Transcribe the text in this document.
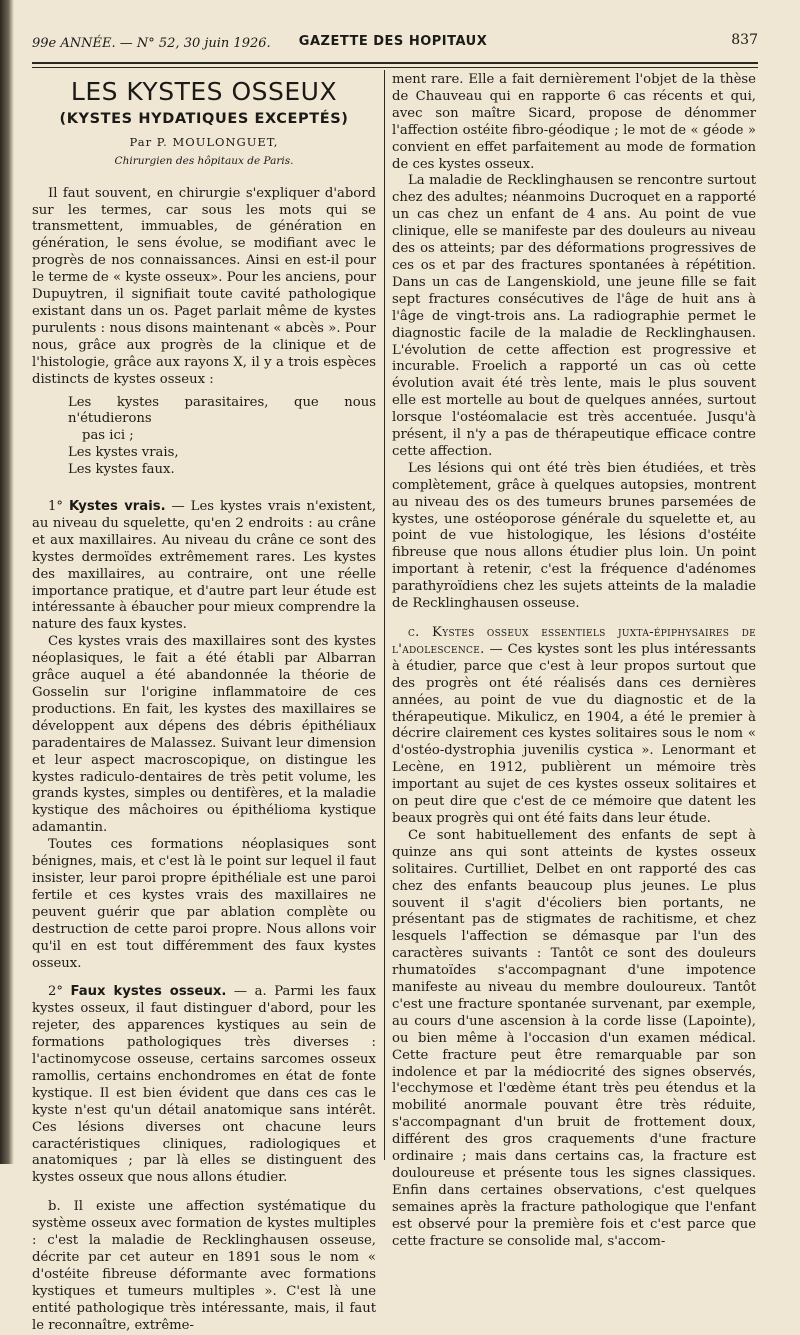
99e ANNÉE. — N° 52, 30 juin 1926.	GAZETTE DES HOPITAUX	837
LES KYSTES OSSEUX
(KYSTES HYDATIQUES EXCEPTÉS)
Par P. MOULONGUET,
Chirurgien des hôpitaux de Paris.

Il faut souvent, en chirurgie s'expliquer d'abord sur les termes, car sous les mots qui se transmettent, immuables, de génération en génération, le sens évolue, se modifiant avec le progrès de nos connaissances. Ainsi en est-il pour le terme de « kyste osseux». Pour les anciens, pour Dupuytren, il signifiait toute cavité pathologique existant dans un os. Paget parlait même de kystes purulents : nous disons maintenant « abcès ». Pour nous, grâce aux progrès de la clinique et de l'histologie, grâce aux rayons X, il y a trois espèces distincts de kystes osseux :

Les kystes parasitaires, que nous n'étudierons
pas ici ;
Les kystes vrais,
Les kystes faux.

1° Kystes vrais. — Les kystes vrais n'existent, au niveau du squelette, qu'en 2 endroits : au crâne et aux maxillaires. Au niveau du crâne ce sont des kystes dermoïdes extrêmement rares. Les kystes des maxillaires, au contraire, ont une réelle importance pratique, et d'autre part leur étude est intéressante à ébaucher pour mieux comprendre la nature des faux kystes.

Ces kystes vrais des maxillaires sont des kystes néoplasiques, le fait a été établi par Albarran grâce auquel a été abandonnée la théorie de Gosselin sur l'origine inflammatoire de ces productions. En fait, les kystes des maxillaires se développent aux dépens des débris épithéliaux paradentaires de Malassez. Suivant leur dimension et leur aspect macroscopique, on distingue les kystes radiculo-dentaires de très petit volume, les grands kystes, simples ou dentifères, et la maladie kystique des mâchoires ou épithélioma kystique adamantin.

Toutes ces formations néoplasiques sont bénignes, mais, et c'est là le point sur lequel il faut insister, leur paroi propre épithéliale est une paroi fertile et ces kystes vrais des maxillaires ne peuvent guérir que par ablation complète ou destruction de cette paroi propre. Nous allons voir qu'il en est tout différemment des faux kystes osseux.

2° Faux kystes osseux. — a. Parmi les faux kystes osseux, il faut distinguer d'abord, pour les rejeter, des apparences kystiques au sein de formations pathologiques très diverses : l'actinomycose osseuse, certains sarcomes osseux ramollis, certains enchondromes en état de fonte kystique. Il est bien évident que dans ces cas le kyste n'est qu'un détail anatomique sans intérêt. Ces lésions diverses ont chacune leurs caractéristiques cliniques, radiologiques et anatomiques ; par là elles se distinguent des kystes osseux que nous allons étudier.

b. Il existe une affection systématique du système osseux avec formation de kystes multiples : c'est la maladie de Recklinghausen osseuse, décrite par cet auteur en 1891 sous le nom « d'ostéite fibreuse déformante avec formations kystiques et tumeurs multiples ». C'est là une entité pathologique très intéressante, mais, il faut le reconnaître, extrême-

ment rare. Elle a fait dernièrement l'objet de la thèse de Chauveau qui en rapporte 6 cas récents et qui, avec son maître Sicard, propose de dénommer l'affection ostéite fibro-géodique ; le mot de « géode » convient en effet parfaitement au mode de formation de ces kystes osseux.

La maladie de Recklinghausen se rencontre surtout chez des adultes; néanmoins Ducroquet en a rapporté un cas chez un enfant de 4 ans. Au point de vue clinique, elle se manifeste par des douleurs au niveau des os atteints; par des déformations progressives de ces os et par des fractures spontanées à répétition. Dans un cas de Langenskiold, une jeune fille se fait sept fractures consécutives de l'âge de huit ans à l'âge de vingt-trois ans. La radiographie permet le diagnostic facile de la maladie de Recklinghausen. L'évolution de cette affection est progressive et incurable. Froelich a rapporté un cas où cette évolution avait été très lente, mais le plus souvent elle est mortelle au bout de quelques années, surtout lorsque l'ostéomalacie est très accentuée. Jusqu'à présent, il n'y a pas de thérapeutique efficace contre cette affection.

Les lésions qui ont été très bien étudiées, et très complètement, grâce à quelques autopsies, montrent au niveau des os des tumeurs brunes parsemées de kystes, une ostéoporose générale du squelette et, au point de vue histologique, les lésions d'ostéite fibreuse que nous allons étudier plus loin. Un point important à retenir, c'est la fréquence d'adénomes parathyroïdiens chez les sujets atteints de la maladie de Recklinghausen osseuse.

c. Kystes osseux essentiels juxta-épiphysaires de l'adolescence. — Ces kystes sont les plus intéressants à étudier, parce que c'est à leur propos surtout que des progrès ont été réalisés dans ces dernières années, au point de vue du diagnostic et de la thérapeutique. Mikulicz, en 1904, a été le premier à décrire clairement ces kystes solitaires sous le nom « d'ostéo-dystrophia juvenilis cystica ». Lenormant et Lecène, en 1912, publièrent un mémoire très important au sujet de ces kystes osseux solitaires et on peut dire que c'est de ce mémoire que datent les beaux progrès qui ont été faits dans leur étude.

Ce sont habituellement des enfants de sept à quinze ans qui sont atteints de kystes osseux solitaires. Curtilliet, Delbet en ont rapporté des cas chez des enfants beaucoup plus jeunes. Le plus souvent il s'agit d'écoliers bien portants, ne présentant pas de stigmates de rachitisme, et chez lesquels l'affection se démasque par l'un des caractères suivants : Tantôt ce sont des douleurs rhumatoïdes s'accompagnant d'une impotence manifeste au niveau du membre douloureux. Tantôt c'est une fracture spontanée survenant, par exemple, au cours d'une ascension à la corde lisse (Lapointe), ou bien même à l'occasion d'un examen médical. Cette fracture peut être remarquable par son indolence et par la médiocrité des signes observés, l'ecchymose et l'œdème étant très peu étendus et la mobilité anormale pouvant être très réduite, s'accompagnant d'un bruit de frottement doux, différent des gros craquements d'une fracture ordinaire ; mais dans certains cas, la fracture est douloureuse et présente tous les signes classiques. Enfin dans certaines observations, c'est quelques semaines après la fracture pathologique que l'enfant est observé pour la première fois et c'est parce que cette fracture se consolide mal, s'accom-
